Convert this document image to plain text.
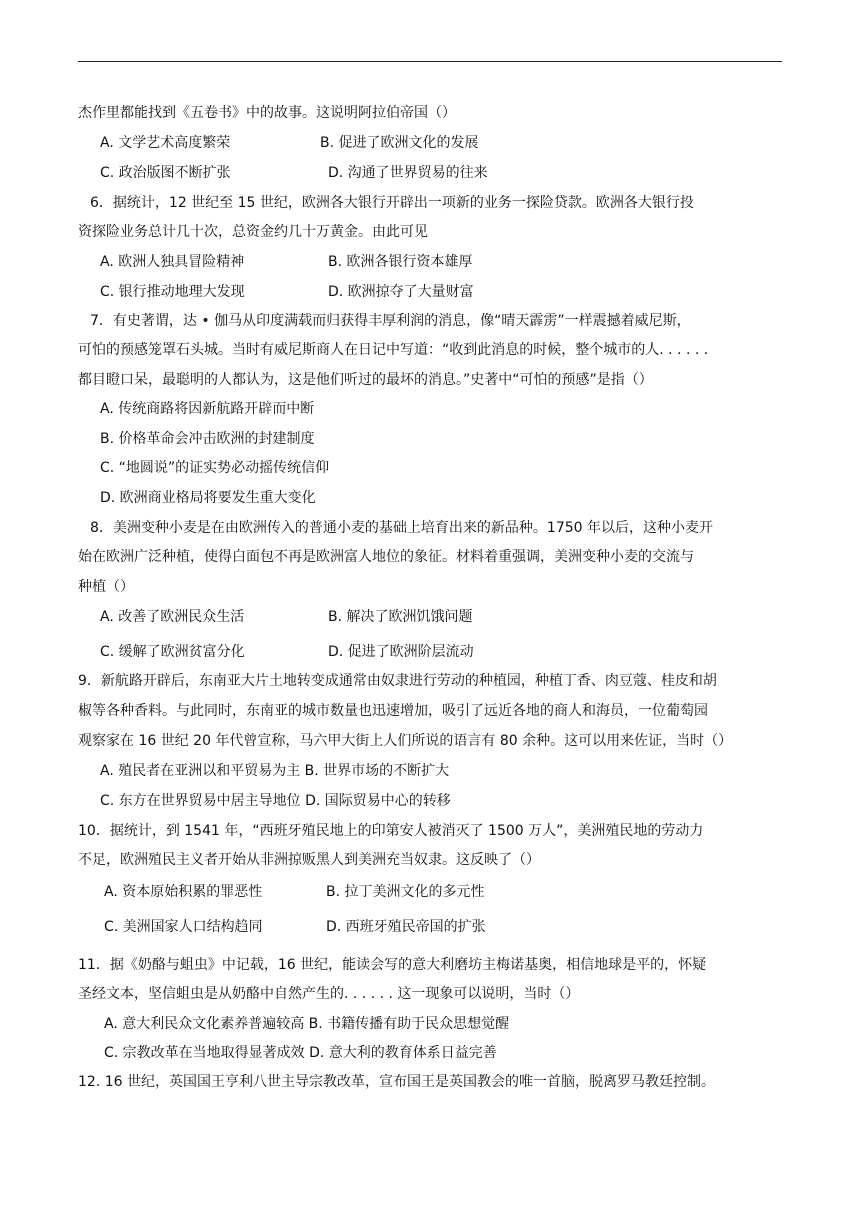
杰作里都能找到《五卷书》中的故事。这说明阿拉伯帝国（）
A. 文学艺术高度繁荣	B. 促进了欧洲文化的发展
C. 政治版图不断扩张	D. 沟通了世界贸易的往来
6．据统计，12 世纪至 15 世纪，欧洲各大银行开辟出一项新的业务一探险贷款。欧洲各大银行投
资探险业务总计几十次，总资金约几十万黄金。由此可见
A. 欧洲人独具冒险精神	B. 欧洲各银行资本雄厚
C. 银行推动地理大发现	D. 欧洲掠夺了大量财富
7．有史著谓，达 • 伽马从印度满载而归获得丰厚利润的消息，像“晴天霹雳”一样震撼着威尼斯，
可怕的预感笼罩石头城。当时有威尼斯商人在日记中写道：“收到此消息的时候，整个城市的人. . . . . .
都目瞪口呆，最聪明的人都认为，这是他们听过的最坏的消息。”史著中“可怕的预感”是指（）
A. 传统商路将因新航路开辟而中断
B. 价格革命会冲击欧洲的封建制度
C. “地圆说”的证实势必动摇传统信仰
D. 欧洲商业格局将要发生重大变化
8．美洲变种小麦是在由欧洲传入的普通小麦的基础上培育出来的新品种。1750 年以后，这种小麦开
始在欧洲广泛种植，使得白面包不再是欧洲富人地位的象征。材料着重强调，美洲变种小麦的交流与
种植（）
A. 改善了欧洲民众生活	B. 解决了欧洲饥饿问题
C. 缓解了欧洲贫富分化	D. 促进了欧洲阶层流动
9．新航路开辟后，东南亚大片土地转变成通常由奴隶进行劳动的种植园，种植丁香、肉豆蔻、桂皮和胡
椒等各种香料。与此同时，东南亚的城市数量也迅速增加，吸引了远近各地的商人和海员，一位葡萄园
观察家在 16 世纪 20 年代曾宣称，马六甲大街上人们所说的语言有 80 余种。这可以用来佐证，当时（）
A. 殖民者在亚洲以和平贸易为主 B. 世界市场的不断扩大
C. 东方在世界贸易中居主导地位 D. 国际贸易中心的转移
10．据统计，到 1541 年，“西班牙殖民地上的印第安人被消灭了 1500 万人”，美洲殖民地的劳动力
不足，欧洲殖民主义者开始从非洲掠贩黑人到美洲充当奴隶。这反映了（）
A. 资本原始积累的罪恶性	B. 拉丁美洲文化的多元性
C. 美洲国家人口结构趋同	D. 西班牙殖民帝国的扩张
11．据《奶酪与蛆虫》中记载，16 世纪，能读会写的意大利磨坊主梅诺基奥，相信地球是平的，怀疑
圣经文本，坚信蛆虫是从奶酪中自然产生的. . . . . . 这一现象可以说明，当时（）
A. 意大利民众文化素养普遍较高 B. 书籍传播有助于民众思想觉醒
C. 宗教改革在当地取得显著成效 D. 意大利的教育体系日益完善
12. 16 世纪，英国国王亨利八世主导宗教改革，宣布国王是英国教会的唯一首脑，脱离罗马教廷控制。
